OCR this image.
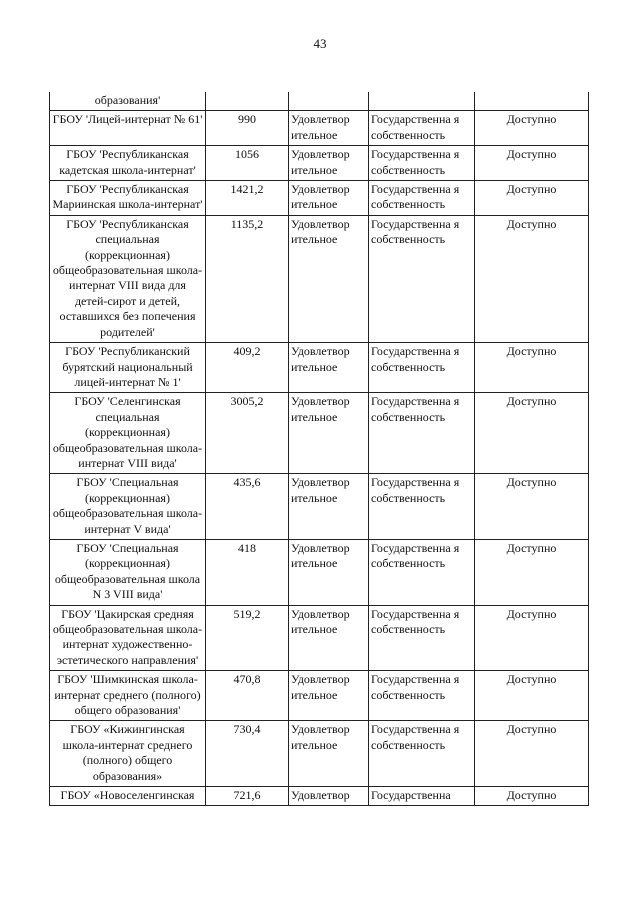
43
образования'				
ГБОУ 'Лицей-интернат № 61'	990	Удовлетвор ительное	Государственна я собственность	Доступно
ГБОУ 'Республиканская кадетская школа-интернат'	1056	Удовлетвор ительное	Государственна я собственность	Доступно
ГБОУ 'Республиканская Мариинская школа-интернат'	1421,2	Удовлетвор ительное	Государственна я собственность	Доступно
ГБОУ 'Республиканская специальная (коррекционная) общеобразовательная школа-интернат VIII вида для детей-сирот и детей, оставшихся без попечения родителей'	1135,2	Удовлетвор ительное	Государственна я собственность	Доступно
ГБОУ 'Республиканский бурятский национальный лицей-интернат № 1'	409,2	Удовлетвор ительное	Государственна я собственность	Доступно
ГБОУ 'Селенгинская специальная (коррекционная) общеобразовательная школа-интернат VIII вида'	3005,2	Удовлетвор ительное	Государственна я собственность	Доступно
ГБОУ 'Специальная (коррекционная) общеобразовательная школа-интернат V вида'	435,6	Удовлетвор ительное	Государственна я собственность	Доступно
ГБОУ 'Специальная (коррекционная) общеобразовательная школа N 3 VIII вида'	418	Удовлетвор ительное	Государственна я собственность	Доступно
ГБОУ 'Цакирская средняя общеобразовательная школа-интернат художественно-эстетического направления'	519,2	Удовлетвор ительное	Государственна я собственность	Доступно
ГБОУ 'Шимкинская школа-интернат среднего (полного) общего образования'	470,8	Удовлетвор ительное	Государственна я собственность	Доступно
ГБОУ «Кижингинская школа-интернат среднего (полного) общего образования»	730,4	Удовлетвор ительное	Государственна я собственность	Доступно
ГБОУ «Новоселенгинская	721,6	Удовлетвор	Государственна	Доступно
